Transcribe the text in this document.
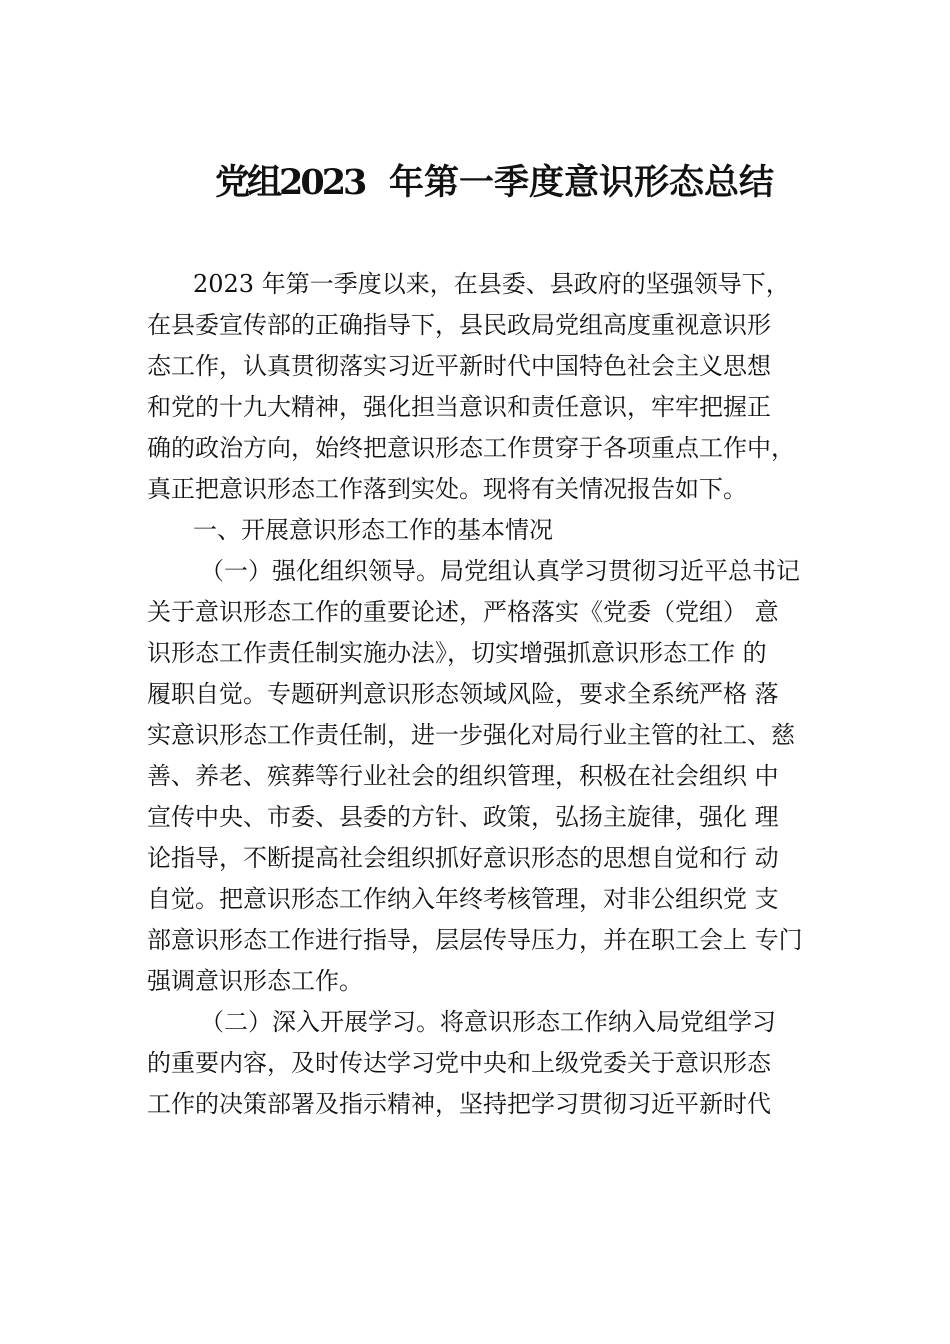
党组2023 年第一季度意识形态总结
2023 年第一季度以来，在县委、县政府的坚强领导下，
在县委宣传部的正确指导下，县民政局党组高度重视意识形
态工作，认真贯彻落实习近平新时代中国特色社会主义思想
和党的十九大精神，强化担当意识和责任意识，牢牢把握正
确的政治方向，始终把意识形态工作贯穿于各项重点工作中，
真正把意识形态工作落到实处。现将有关情况报告如下。
一、开展意识形态工作的基本情况
（一）强化组织领导。局党组认真学习贯彻习近平总书记
关于意识形态工作的重要论述，严格落实《党委（党组） 意
识形态工作责任制实施办法》，切实增强抓意识形态工作 的
履职自觉。专题研判意识形态领域风险，要求全系统严格 落
实意识形态工作责任制，进一步强化对局行业主管的社工、慈
善、养老、殡葬等行业社会的组织管理，积极在社会组织 中
宣传中央、市委、县委的方针、政策，弘扬主旋律，强化 理
论指导，不断提高社会组织抓好意识形态的思想自觉和行 动
自觉。把意识形态工作纳入年终考核管理，对非公组织党 支
部意识形态工作进行指导，层层传导压力，并在职工会上 专门
强调意识形态工作。
（二）深入开展学习。将意识形态工作纳入局党组学习
的重要内容，及时传达学习党中央和上级党委关于意识形态
工作的决策部署及指示精神，坚持把学习贯彻习近平新时代
